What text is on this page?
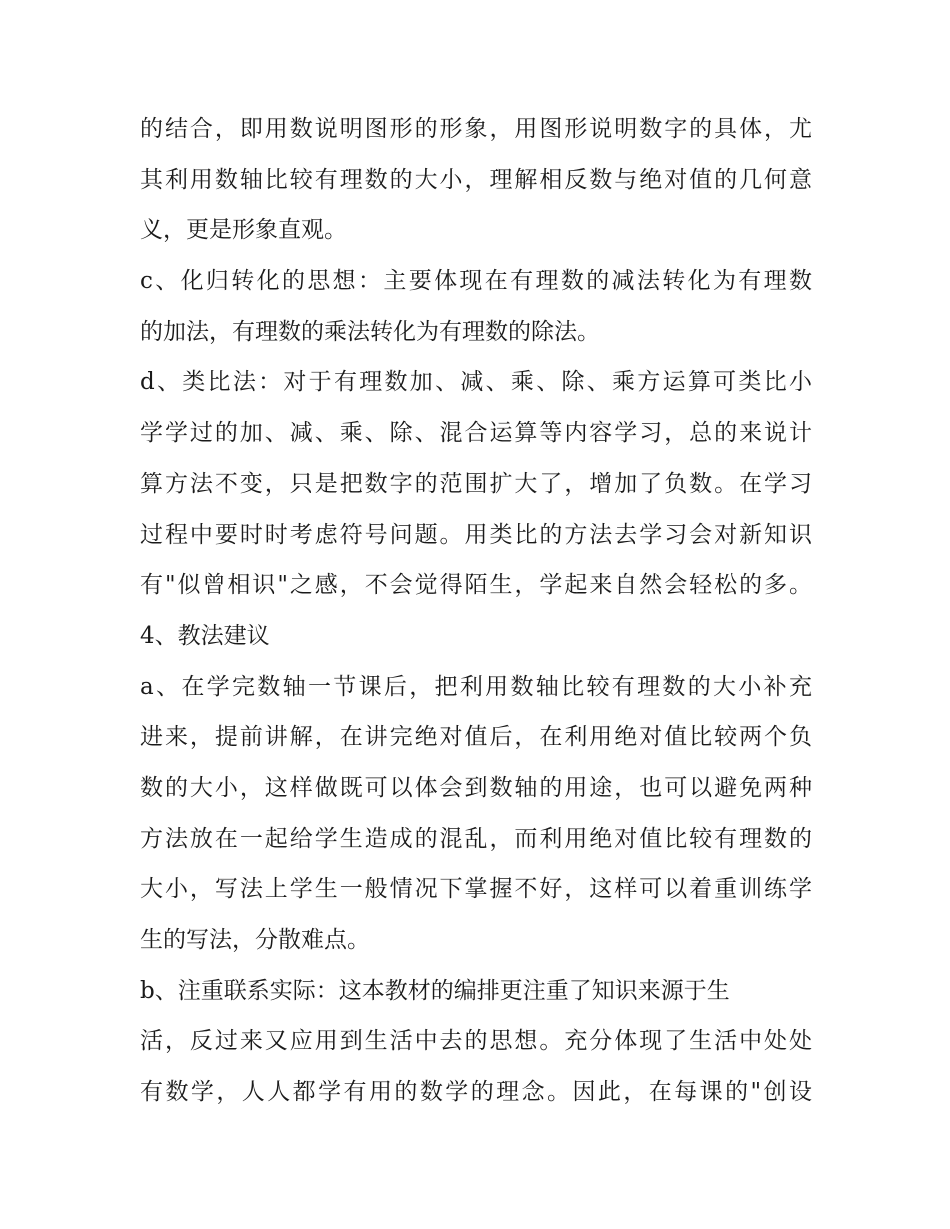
的结合，即用数说明图形的形象，用图形说明数字的具体，尤
其利用数轴比较有理数的大小，理解相反数与绝对值的几何意
义，更是形象直观。
c、化归转化的思想：主要体现在有理数的减法转化为有理数
的加法，有理数的乘法转化为有理数的除法。
d、类比法：对于有理数加、减、乘、除、乘方运算可类比小
学学过的加、减、乘、除、混合运算等内容学习，总的来说计
算方法不变，只是把数字的范围扩大了，增加了负数。在学习
过程中要时时考虑符号问题。用类比的方法去学习会对新知识
有"似曾相识"之感，不会觉得陌生，学起来自然会轻松的多。
4、教法建议
a、在学完数轴一节课后，把利用数轴比较有理数的大小补充
进来，提前讲解，在讲完绝对值后，在利用绝对值比较两个负
数的大小，这样做既可以体会到数轴的用途，也可以避免两种
方法放在一起给学生造成的混乱，而利用绝对值比较有理数的
大小，写法上学生一般情况下掌握不好，这样可以着重训练学
生的写法，分散难点。
b、注重联系实际：这本教材的编排更注重了知识来源于生
活，反过来又应用到生活中去的思想。充分体现了生活中处处
有数学，人人都学有用的数学的理念。因此，在每课的"创设
